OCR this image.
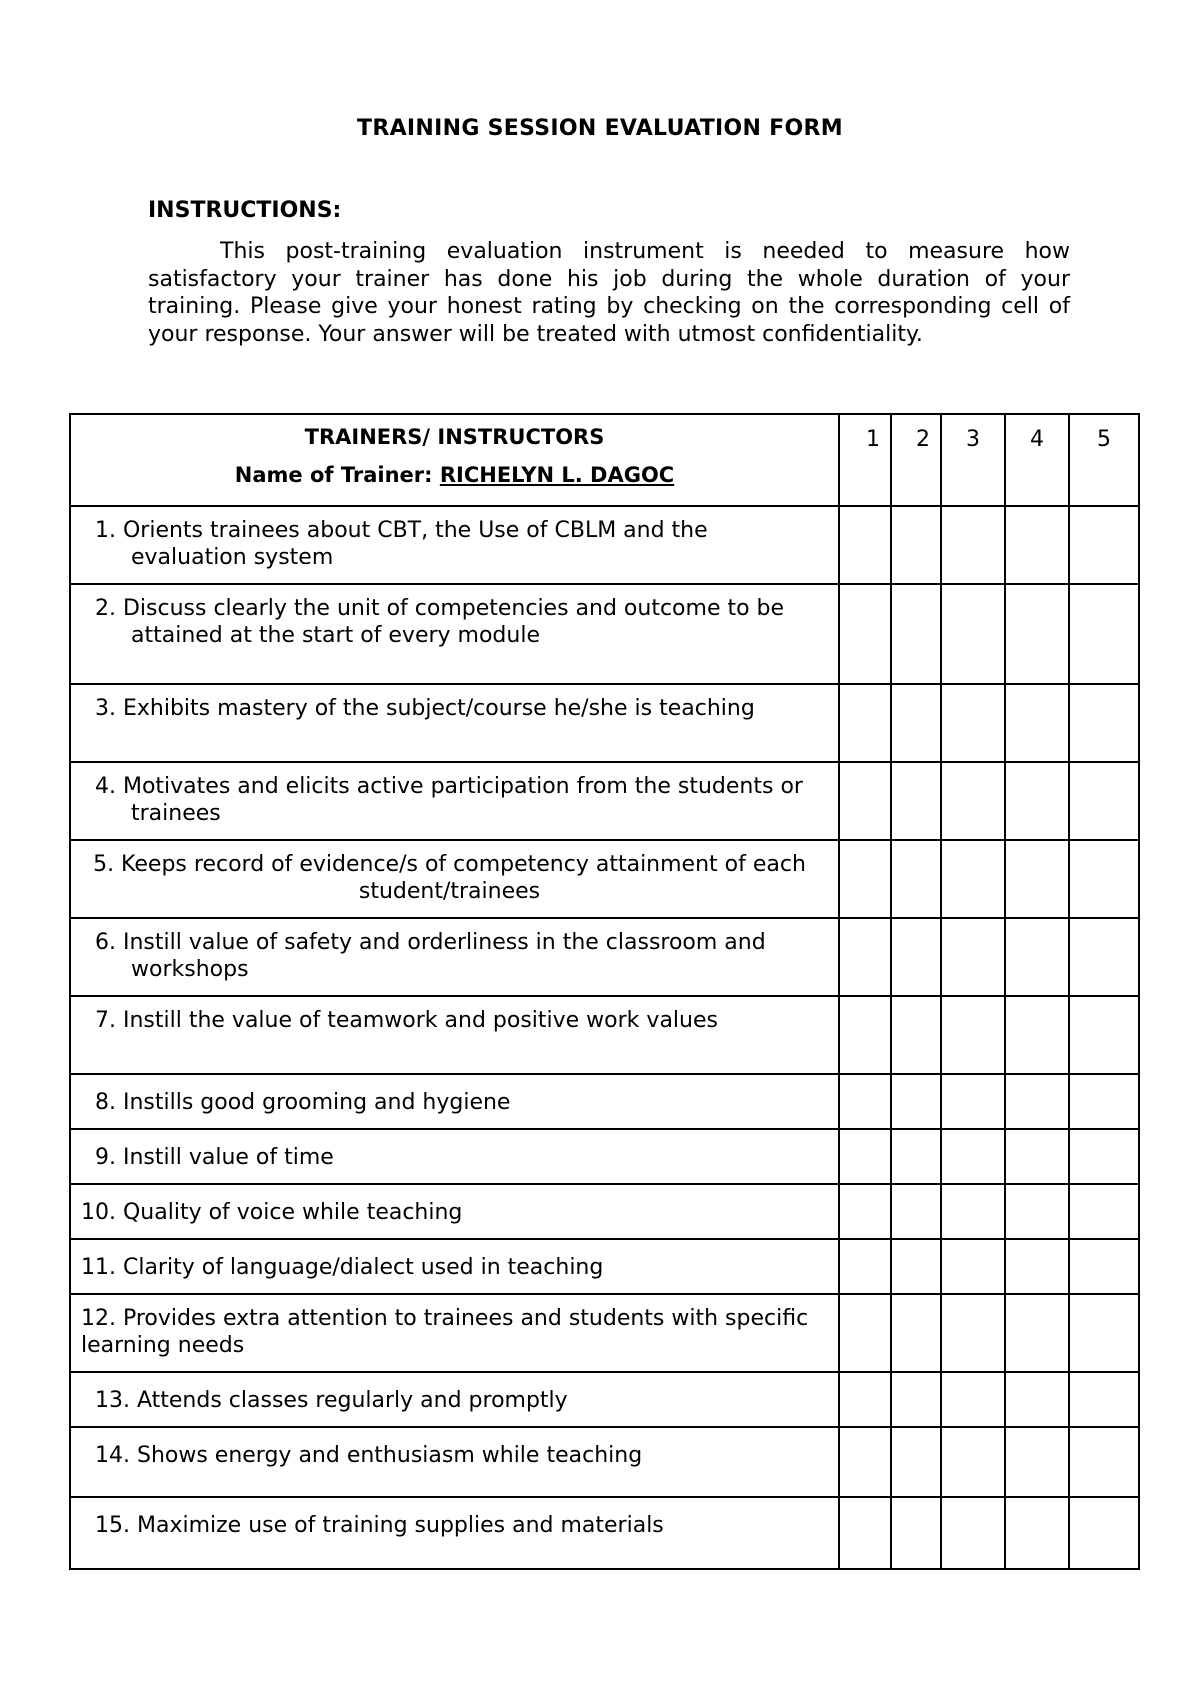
TRAINING SESSION EVALUATION FORM
INSTRUCTIONS:
This post-training evaluation instrument is needed to measure how satisfactory your trainer has done his job during the whole duration of your training. Please give your honest rating by checking on the corresponding cell of your response. Your answer will be treated with utmost confidentiality.
TRAINERS/ INSTRUCTORS
Name of Trainer: RICHELYN L. DAGOC	1	2	3	4	5

1. Orients trainees about CBT, the Use of CBLM and the evaluation system					

2. Discuss clearly the unit of competencies and outcome to be attained at the start of every module					

3. Exhibits mastery of the subject/course he/she is teaching					

4. Motivates and elicits active participation from the students or trainees					

5. Keeps record of evidence/s of competency attainment of each student/trainees					

6. Instill value of safety and orderliness in the classroom and workshops					

7. Instill the value of teamwork and positive work values					

8. Instills good grooming and hygiene					

9. Instill value of time					

10. Quality of voice while teaching					

11. Clarity of language/dialect used in teaching					

12. Provides extra attention to trainees and students with specific learning needs					

13. Attends classes regularly and promptly					

14. Shows energy and enthusiasm while teaching					

15. Maximize use of training supplies and materials					
